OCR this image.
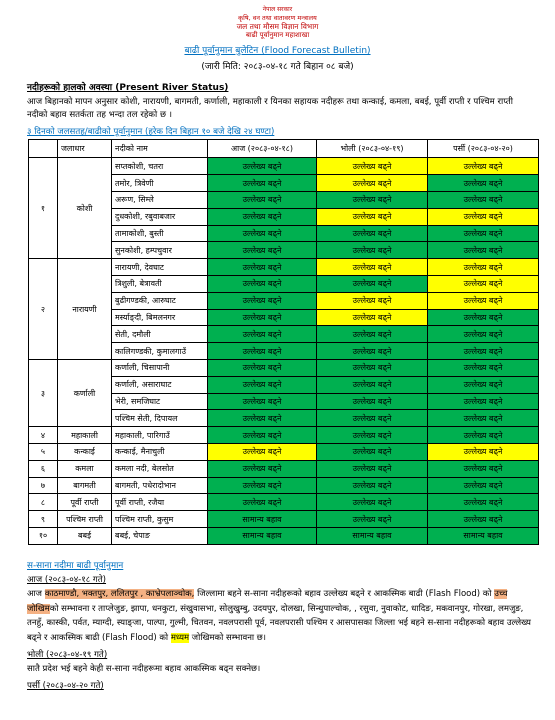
नेपाल सरकार
कृषि, वन तथा वातावरण मन्त्रालय
जल तथा मौसम विज्ञान विभाग
बाढी पूर्वानुमान महाशाखा
बाढी पूर्वानुमान बुलेटिन (Flood Forecast Bulletin)
(जारी मिति: २०८३-०४-१८ गते बिहान ०८ बजे)
नदीहरूको हालको अवस्था (Present River Status)
आज बिहानको मापन अनुसार कोशी, नारायणी, बागमती, कर्णाली, महाकाली र यिनका सहायक नदीहरू तथा कन्काई, कमला, बबई, पूर्वी राप्ती र पश्चिम राप्ती नदीको बहाव सतर्कता तह भन्दा तल रहेको छ ।
३ दिनको जलसतह/बाढीको पूर्वानुमान (हरेक दिन बिहान १० बजे देखि २४ घण्टा)
	जलाधार	नदीको नाम	आज (२०८३-०४-१८)	भोली (२०८३-०४-१९)	पर्सी (२०८३-०४-२०)
१	कोशी	सप्तकोशी, चतरा	उल्लेख्य बढ्ने	उल्लेख्य बढ्ने	उल्लेख्य बढ्ने
		तमोर, त्रिवेणी	उल्लेख्य बढ्ने	उल्लेख्य बढ्ने	उल्लेख्य बढ्ने
		अरूण, सिम्ले	उल्लेख्य बढ्ने	उल्लेख्य बढ्ने	उल्लेख्य बढ्ने
		दुधकोशी, रबुवाबजार	उल्लेख्य बढ्ने	उल्लेख्य बढ्ने	उल्लेख्य बढ्ने
		तामाकोशी, बुस्ती	उल्लेख्य बढ्ने	उल्लेख्य बढ्ने	उल्लेख्य बढ्ने
		सुनकोशी, हम्पचुवार	उल्लेख्य बढ्ने	उल्लेख्य बढ्ने	उल्लेख्य बढ्ने
२	नारायणी	नारायणी, देवघाट	उल्लेख्य बढ्ने	उल्लेख्य बढ्ने	उल्लेख्य बढ्ने
		त्रिशुली, बेत्रावती	उल्लेख्य बढ्ने	उल्लेख्य बढ्ने	उल्लेख्य बढ्ने
		बुढीगण्डकी, आरुघाट	उल्लेख्य बढ्ने	उल्लेख्य बढ्ने	उल्लेख्य बढ्ने
		मर्स्याङ्दी, बिमलनगर	उल्लेख्य बढ्ने	उल्लेख्य बढ्ने	उल्लेख्य बढ्ने
		सेती, दमौली	उल्लेख्य बढ्ने	उल्लेख्य बढ्ने	उल्लेख्य बढ्ने
		कालिगण्डकी, कुमालगाउँ	उल्लेख्य बढ्ने	उल्लेख्य बढ्ने	उल्लेख्य बढ्ने
३	कर्णाली	कर्णाली, चिसापानी	उल्लेख्य बढ्ने	उल्लेख्य बढ्ने	उल्लेख्य बढ्ने
		कर्णाली, असाराघाट	उल्लेख्य बढ्ने	उल्लेख्य बढ्ने	उल्लेख्य बढ्ने
		भेरी, समजिघाट	उल्लेख्य बढ्ने	उल्लेख्य बढ्ने	उल्लेख्य बढ्ने
		पश्चिम सेती, दिपायल	उल्लेख्य बढ्ने	उल्लेख्य बढ्ने	उल्लेख्य बढ्ने
४	महाकाली	महाकाली, पारिगाउँ	उल्लेख्य बढ्ने	उल्लेख्य बढ्ने	उल्लेख्य बढ्ने
५	कन्काई	कन्काई, मैनाचुली	उल्लेख्य बढ्ने	उल्लेख्य बढ्ने	उल्लेख्य बढ्ने
६	कमला	कमला नदी, बेलसोत	उल्लेख्य बढ्ने	उल्लेख्य बढ्ने	उल्लेख्य बढ्ने
७	बागमती	बागमती, पधेरादोभान	उल्लेख्य बढ्ने	उल्लेख्य बढ्ने	उल्लेख्य बढ्ने
८	पूर्वी राप्ती	पूर्वी राप्ती, रजैया	उल्लेख्य बढ्ने	उल्लेख्य बढ्ने	उल्लेख्य बढ्ने
९	पश्चिम राप्ती	पश्चिम राप्ती, कुसुम	सामान्य बहाव	उल्लेख्य बढ्ने	उल्लेख्य बढ्ने
१०	बबई	बबई, चेपाङ	सामान्य बहाव	सामान्य बहाव	सामान्य बहाव
स-साना नदीमा बाढी पूर्वानुमान
आज (२०८३-०४-१८ गते)
आज काठमाण्डौ, भक्तपुर, ललितपुर , काभ्रेपलाञ्चोक, जिल्लामा बहने स-साना नदीहरूको बहाव उल्लेख्य बढ्ने र आकस्मिक बाढी (Flash Flood) को उच्च जोखिमको सम्भावना र ताप्लेजुङ, झापा, धनकुटा, संखुवासभा, सोलुखुम्बु, उदयपुर, दोलखा, सिन्धुपाल्चोक, , रसुवा, नुवाकोट, धादिङ, मकवानपुर, गोरखा, लमजुङ, तनहुँ, कास्की, पर्वत, म्याग्दी, स्याङ्जा, पाल्पा, गुल्मी, चितवन, नवलपरासी पूर्व, नवलपरासी पश्चिम र आसपासका जिल्ला भई बहने स-साना नदीहरूको बहाव उल्लेख्य बढ्ने र आकस्मिक बाढी (Flash Flood) को मध्यम जोखिमको सम्भावना छ।
भोली (२०८३-०४-१९ गते)
सातै प्रदेश भई बहने केही स-साना नदीहरूमा बहाव आकस्मिक बढ्न सक्नेछ।
पर्सी (२०८३-०४-२० गते)
